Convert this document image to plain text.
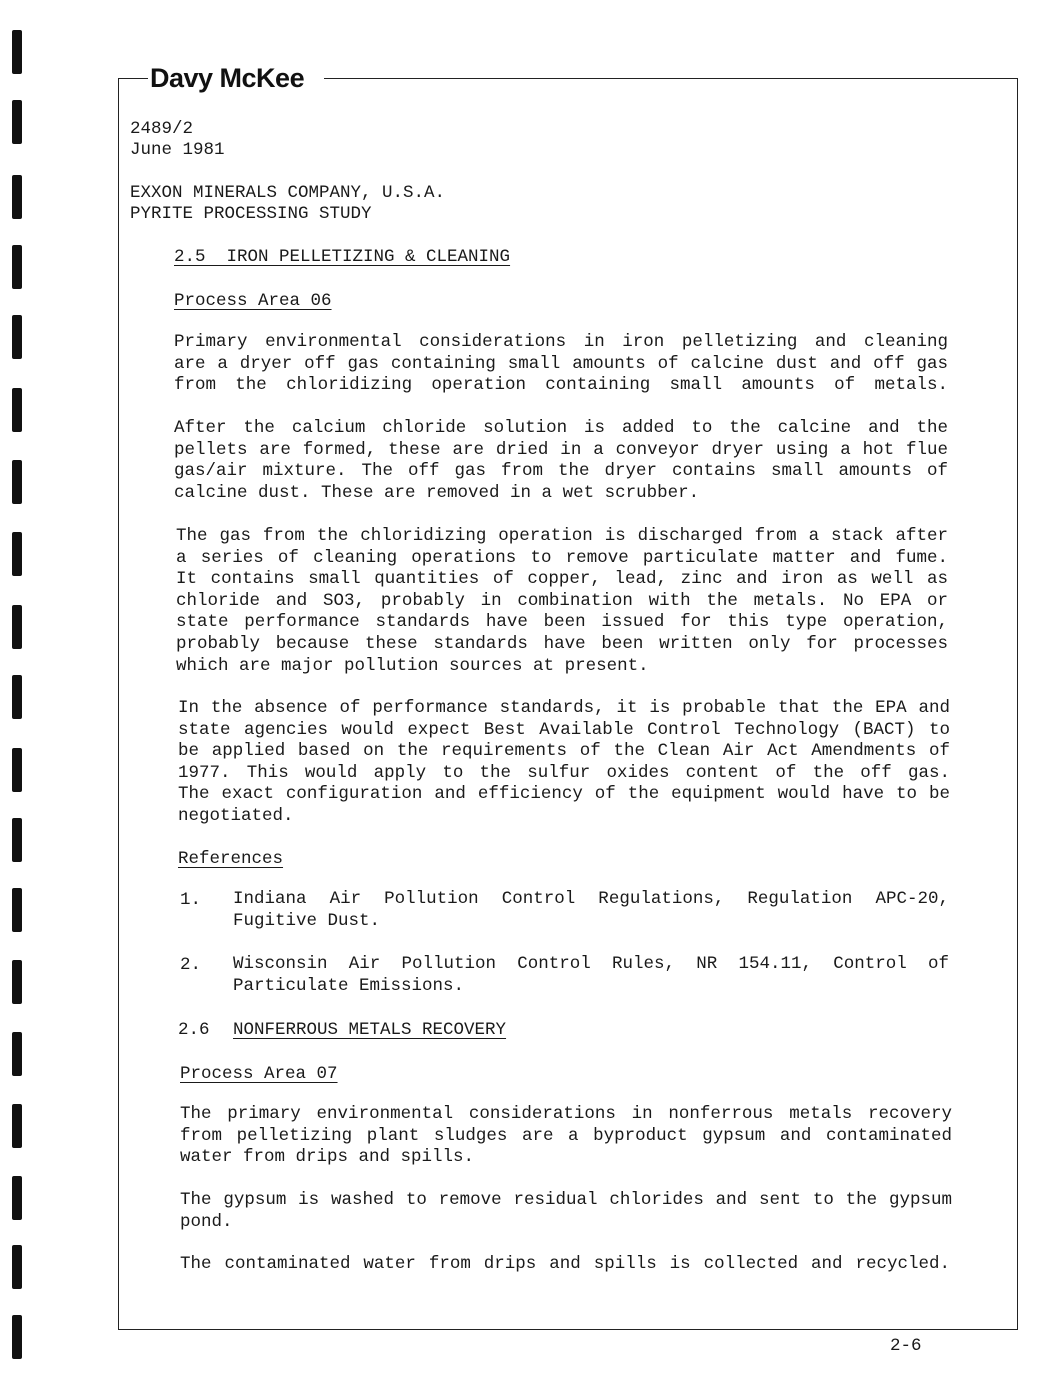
Davy McKee
2489/2
June 1981
EXXON MINERALS COMPANY, U.S.A.
PYRITE PROCESSING STUDY
2.5  IRON PELLETIZING & CLEANING
Process Area 06
Primary environmental considerations in iron pelletizing and cleaning
are a dryer off gas containing small amounts of calcine dust and off gas
from the chloridizing operation containing small amounts of metals.
After the calcium chloride solution is added to the calcine and the
pellets are formed, these are dried in a conveyor dryer using a hot flue
gas/air mixture. The off gas from the dryer contains small amounts of
calcine dust. These are removed in a wet scrubber.
The gas from the chloridizing operation is discharged from a stack after
a series of cleaning operations to remove particulate matter and fume.
It contains small quantities of copper, lead, zinc and iron as well as
chloride and SO3, probably in combination with the metals. No EPA or
state performance standards have been issued for this type operation,
probably because these standards have been written only for processes
which are major pollution sources at present.
In the absence of performance standards, it is probable that the EPA and
state agencies would expect Best Available Control Technology (BACT) to
be applied based on the requirements of the Clean Air Act Amendments of
1977. This would apply to the sulfur oxides content of the off gas.
The exact configuration and efficiency of the equipment would have to be
negotiated.
References
1. Indiana Air Pollution Control Regulations, Regulation APC-20,
Fugitive Dust.
2. Wisconsin Air Pollution Control Rules, NR 154.11, Control of
Particulate Emissions.
2.6 NONFERROUS METALS RECOVERY
Process Area 07
The primary environmental considerations in nonferrous metals recovery
from pelletizing plant sludges are a byproduct gypsum and contaminated
water from drips and spills.
The gypsum is washed to remove residual chlorides and sent to the gypsum
pond.
The contaminated water from drips and spills is collected and recycled.
2-6
